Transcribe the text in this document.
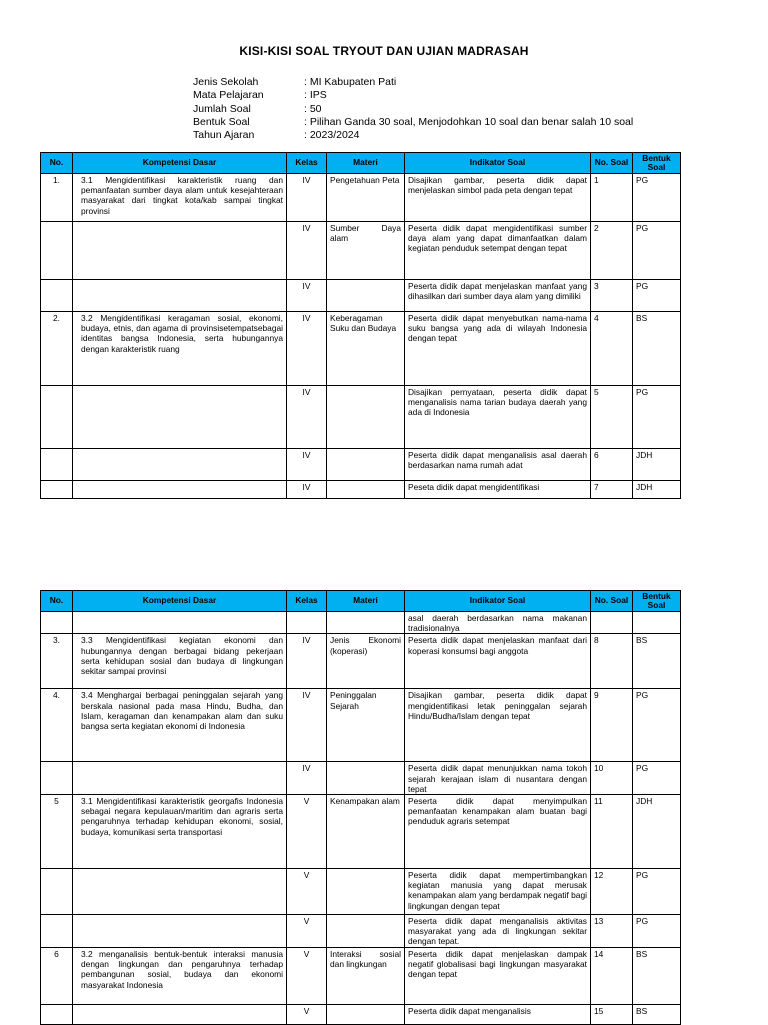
KISI-KISI SOAL TRYOUT DAN UJIAN MADRASAH
Jenis Sekolah	: MI Kabupaten Pati
Mata Pelajaran	: IPS
Jumlah Soal	: 50
Bentuk Soal	: Pilihan Ganda 30 soal, Menjodohkan 10 soal dan benar salah 10 soal
Tahun Ajaran	: 2023/2024
No.	Kompetensi Dasar	Kelas	Materi	Indikator Soal	No. Soal	Bentuk Soal
1.	3.1 Mengidentifikasi karakteristik ruang dan pemanfaatan sumber daya alam untuk kesejahteraan masyarakat dari tingkat kota/kab sampai tingkat provinsi	IV	Pengetahuan Peta	Disajikan gambar, peserta didik dapat menjelaskan simbol pada peta dengan tepat	1	PG
		IV	Sumber Daya alam	Peserta didik dapat mengidentifikasi sumber daya alam yang dapat dimanfaatkan dalam kegiatan penduduk setempat dengan tepat	2	PG
		IV		Peserta didik dapat menjelaskan manfaat yang dihasilkan dari sumber daya alam yang dimiliki	3	PG
2.	3.2 Mengidentifikasi keragaman sosial, ekonomi, budaya, etnis, dan agama di provinsisetempatsebagai identitas bangsa Indonesia, serta hubungannya dengan karakteristik ruang	IV	Keberagaman Suku dan Budaya	Peserta didik dapat menyebutkan nama-nama suku bangsa yang ada di wilayah Indonesia dengan tepat	4	BS
		IV		Disajikan pernyataan, peserta didik dapat menganalisis nama tarian budaya daerah yang ada di Indonesia	5	PG
		IV		Peserta didik dapat menganalisis asal daerah berdasarkan nama rumah adat	6	JDH
		IV		Peseta didik dapat mengidentifikasi	7	JDH
No.	Kompetensi Dasar	Kelas	Materi	Indikator Soal	No. Soal	Bentuk Soal
				asal daerah berdasarkan nama makanan tradisionalnya		
3.	3.3 Mengidentifikasi kegiatan ekonomi dan hubungannya dengan berbagai bidang pekerjaan serta kehidupan sosial dan budaya di lingkungan sekitar sampai provinsi	IV	Jenis Ekonomi (koperasi)	Peserta didik dapat menjelaskan manfaat dari koperasi konsumsi bagi anggota	8	BS
4.	3.4 Menghargai berbagai peninggalan sejarah yang berskala nasional pada masa Hindu, Budha, dan Islam, keragaman dan kenampakan alam dan suku bangsa serta kegiatan ekonomi di Indonesia	IV	Peninggalan Sejarah	Disajikan gambar, peserta didik dapat mengidentifikasi letak peninggalan sejarah Hindu/Budha/Islam dengan tepat	9	PG
		IV		Peserta didik dapat menunjukkan nama tokoh sejarah kerajaan islam di nusantara dengan tepat	10	PG
5	3.1 Mengidentifikasi karakteristik georgafis Indonesia sebagai negara kepulauan/maritim dan agraris serta pengaruhnya terhadap kehidupan ekonomi, sosial, budaya, komunikasi serta transportasi	V	Kenampakan alam	Peserta didik dapat menyimpulkan pemanfaatan kenampakan alam buatan bagi penduduk agraris setempat	11	JDH
		V		Peserta didik dapat mempertimbangkan kegiatan manusia yang dapat merusak kenampakan alam yang berdampak negatif bagi lingkungan dengan tepat	12	PG
		V		Peserta didik dapat menganalisis aktivitas masyarakat yang ada di lingkungan sekitar dengan tepat.	13	PG
6	3.2 menganalisis bentuk-bentuk interaksi manusia dengan lingkungan dan pengaruhnya terhadap pembangunan sosial, budaya dan ekonomi masyarakat Indonesia	V	Interaksi sosial dan lingkungan	Peserta didik dapat menjelaskan dampak negatif globalisasi bagi lingkungan masyarakat dengan tepat	14	BS
		V		Peserta didik dapat menganalisis	15	BS
